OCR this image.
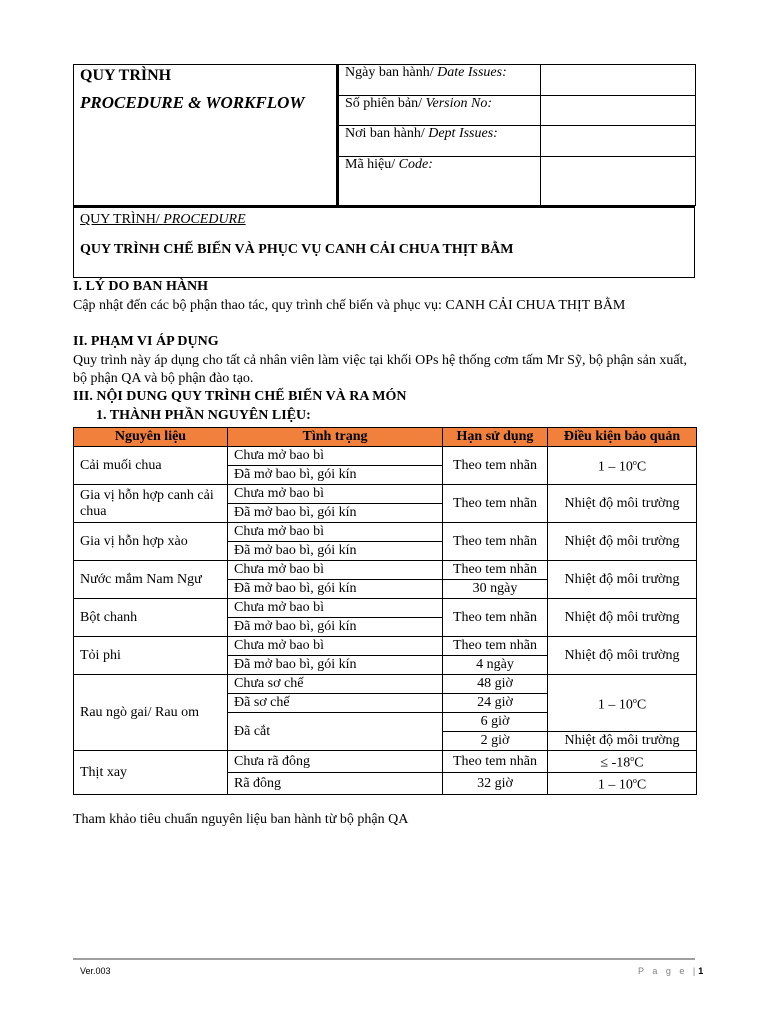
QUY TRÌNH
PROCEDURE & WORKFLOW	Ngày ban hành/ Date Issues:	
	Số phiên bản/ Version No:	
	Nơi ban hành/ Dept Issues:	
	Mã hiệu/ Code:	
QUY TRÌNH/ PROCEDURE
QUY TRÌNH CHẾ BIẾN VÀ PHỤC VỤ CANH CẢI CHUA THỊT BẰM
I. LÝ DO BAN HÀNH
Cập nhật đến các bộ phận thao tác, quy trình chế biến và phục vụ: CANH CẢI CHUA THỊT BẰM
II. PHẠM VI ÁP DỤNG
Quy trình này áp dụng cho tất cả nhân viên làm việc tại khối OPs hệ thống cơm tấm Mr Sỹ, bộ phận sản xuất, bộ phận QA và bộ phận đào tạo.
III. NỘI DUNG QUY TRÌNH CHẾ BIẾN VÀ RA MÓN
1. THÀNH PHẦN NGUYÊN LIỆU:
Nguyên liệu	Tình trạng	Hạn sử dụng	Điều kiện bảo quản
Cải muối chua	Chưa mở bao bì	Theo tem nhãn	1 – 10$^o$C
	Đã mở bao bì, gói kín		
Gia vị hỗn hợp canh cải chua	Chưa mở bao bì	Theo tem nhãn	Nhiệt độ môi trường
	Đã mở bao bì, gói kín		
Gia vị hỗn hợp xào	Chưa mở bao bì	Theo tem nhãn	Nhiệt độ môi trường
	Đã mở bao bì, gói kín		
Nước mắm Nam Ngư	Chưa mở bao bì	Theo tem nhãn	Nhiệt độ môi trường
	Đã mở bao bì, gói kín	30 ngày	
Bột chanh	Chưa mở bao bì	Theo tem nhãn	Nhiệt độ môi trường
	Đã mở bao bì, gói kín		
Tỏi phi	Chưa mở bao bì	Theo tem nhãn	Nhiệt độ môi trường
	Đã mở bao bì, gói kín	4 ngày	
Rau ngò gai/ Rau om	Chưa sơ chế	48 giờ	1 – 10$^o$C
	Đã sơ chế	24 giờ	
	Đã cắt	6 giờ	
		2 giờ	Nhiệt độ môi trường
Thịt xay	Chưa rã đông	Theo tem nhãn	≤ $-18^oC$
	Rã đông	32 giờ	1 – 10$^o$C
Tham khảo tiêu chuẩn nguyên liệu ban hành từ bộ phận QA
Ver.003	P a g e |1
